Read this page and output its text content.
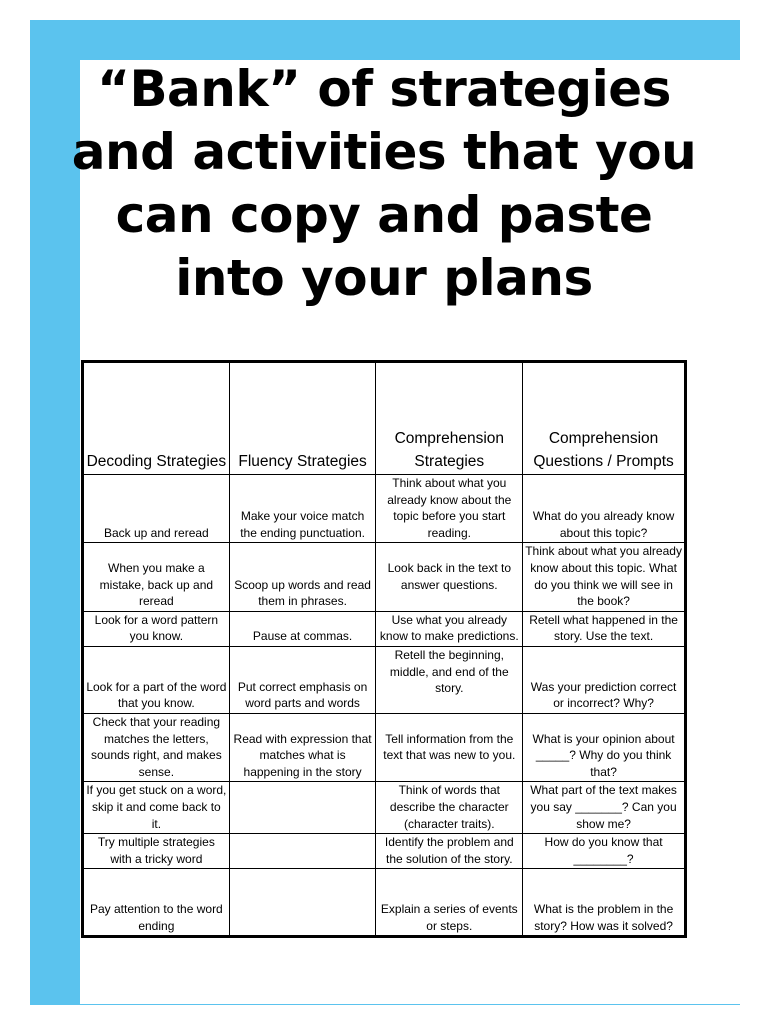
“Bank” of strategies
and activities that you
can copy and paste
into your plans
Decoding Strategies	Fluency Strategies	Comprehension Strategies	Comprehension Questions / Prompts
Back up and reread	Make your voice match the ending punctuation.	Think about what you already know about the topic before you start reading.	What do you already know about this topic?
When you make a mistake, back up and reread	Scoop up words and read them in phrases.	Look back in the text to answer questions.	Think about what you already know about this topic. What do you think we will see in the book?
Look for a word pattern you know.	Pause at commas.	Use what you already know to make predictions.	Retell what happened in the story. Use the text.
Look for a part of the word that you know.	Put correct emphasis on word parts and words	Retell the beginning, middle, and end of the story.	Was your prediction correct or incorrect? Why?
Check that your reading matches the letters, sounds right, and makes sense.	Read with expression that matches what is happening in the story	Tell information from the text that was new to you.	What is your opinion about _____? Why do you think that?
If you get stuck on a word, skip it and come back to it.		Think of words that describe the character (character traits).	What part of the text makes you say _______? Can you show me?
Try multiple strategies with a tricky word		Identify the problem and the solution of the story.	How do you know that ________?
Pay attention to the word ending		Explain a series of events or steps.	What is the problem in the story? How was it solved?
